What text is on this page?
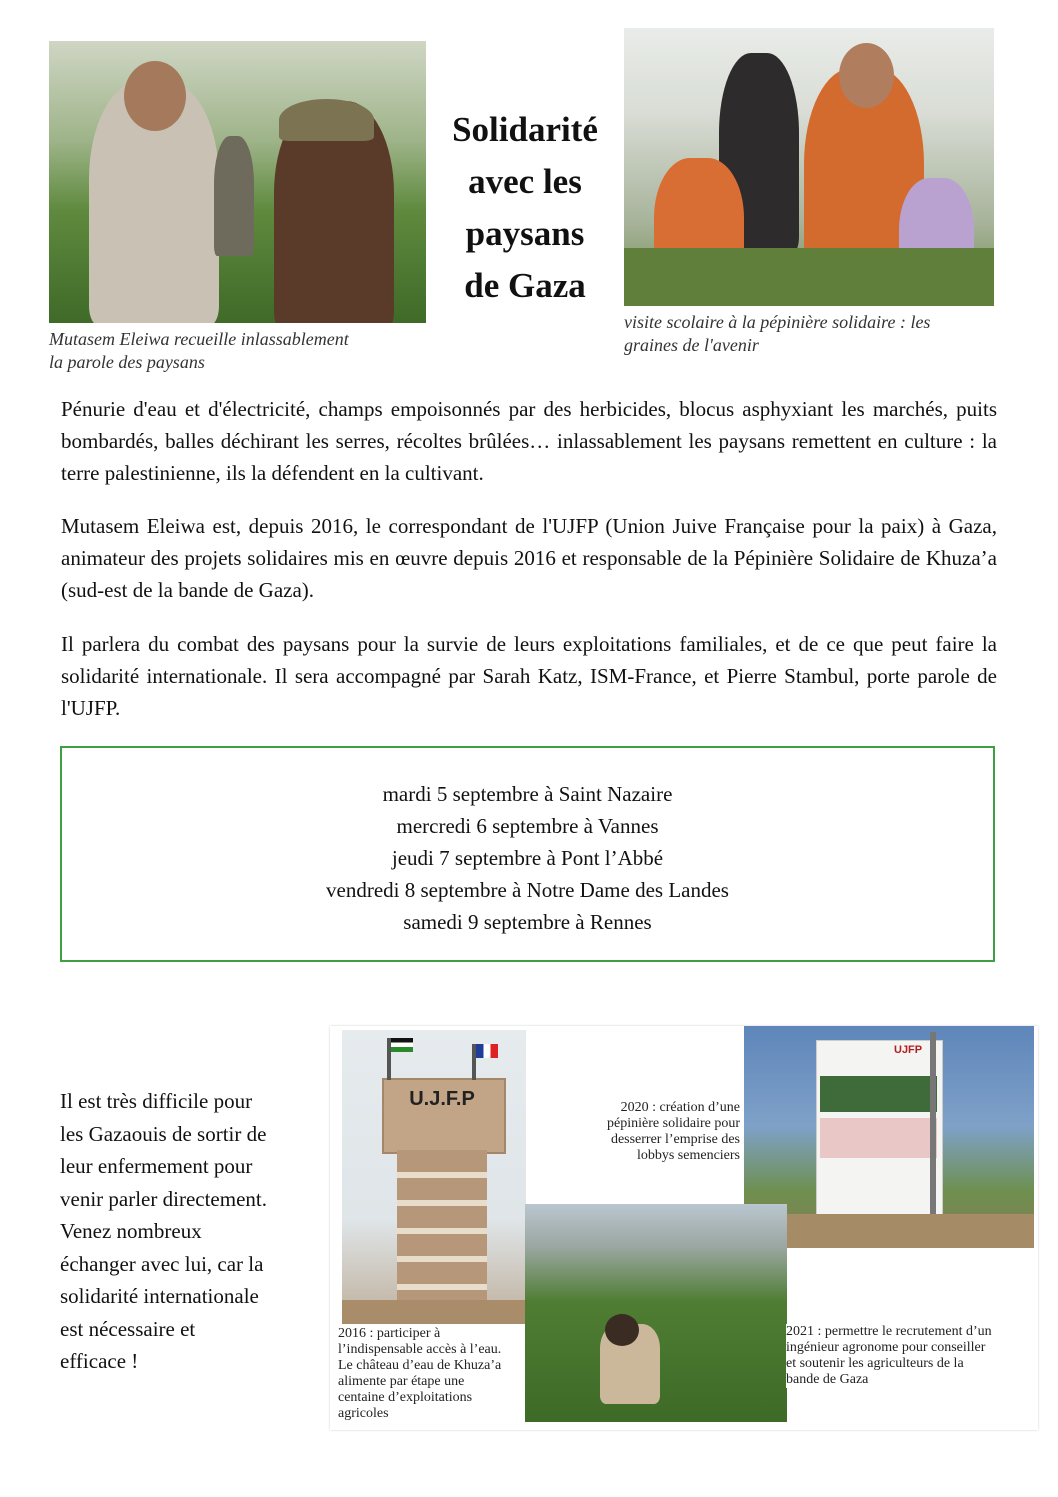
Solidarité
avec les
paysans
de Gaza
Mutasem Eleiwa recueille inlassablement
la parole des paysans
visite scolaire à la pépinière solidaire : les
graines de l'avenir

Pénurie d'eau et d'électricité, champs empoisonnés par des herbicides, blocus asphyxiant les marchés, puits bombardés, balles déchirant les serres, récoltes brûlées… inlassablement les paysans remettent en culture : la terre palestinienne, ils la défendent en la cultivant.

Mutasem Eleiwa est, depuis 2016, le correspondant de l'UJFP (Union Juive Française pour la paix) à Gaza, animateur des projets solidaires mis en œuvre depuis 2016 et responsable de la Pépinière Solidaire de Khuza’a (sud-est de la bande de Gaza).

Il parlera du combat des paysans pour la survie de leurs exploitations familiales, et de ce que peut faire la solidarité internationale. Il sera accompagné par Sarah Katz, ISM-France, et Pierre Stambul, porte parole de l'UJFP.

mardi 5 septembre à Saint Nazaire
mercredi 6 septembre à Vannes
jeudi 7 septembre à Pont l’Abbé
vendredi 8 septembre à Notre Dame des Landes
samedi 9 septembre à Rennes
Il est très difficile pour
les Gazaouis de sortir de
leur enfermement pour
venir parler directement.
Venez nombreux
échanger avec lui, car la
solidarité internationale
est nécessaire et
efficace !
U.J.F.P
2016 : participer à
l’indispensable accès à l’eau.
Le château d’eau de Khuza’a
alimente par étape une
centaine d’exploitations
agricoles
2020 : création d’une
pépinière solidaire pour
desserrer l’emprise des
lobbys semenciers
UJFP
2021 : permettre le recrutement d’un
ingénieur agronome pour conseiller
et soutenir les agriculteurs de la
bande de Gaza
